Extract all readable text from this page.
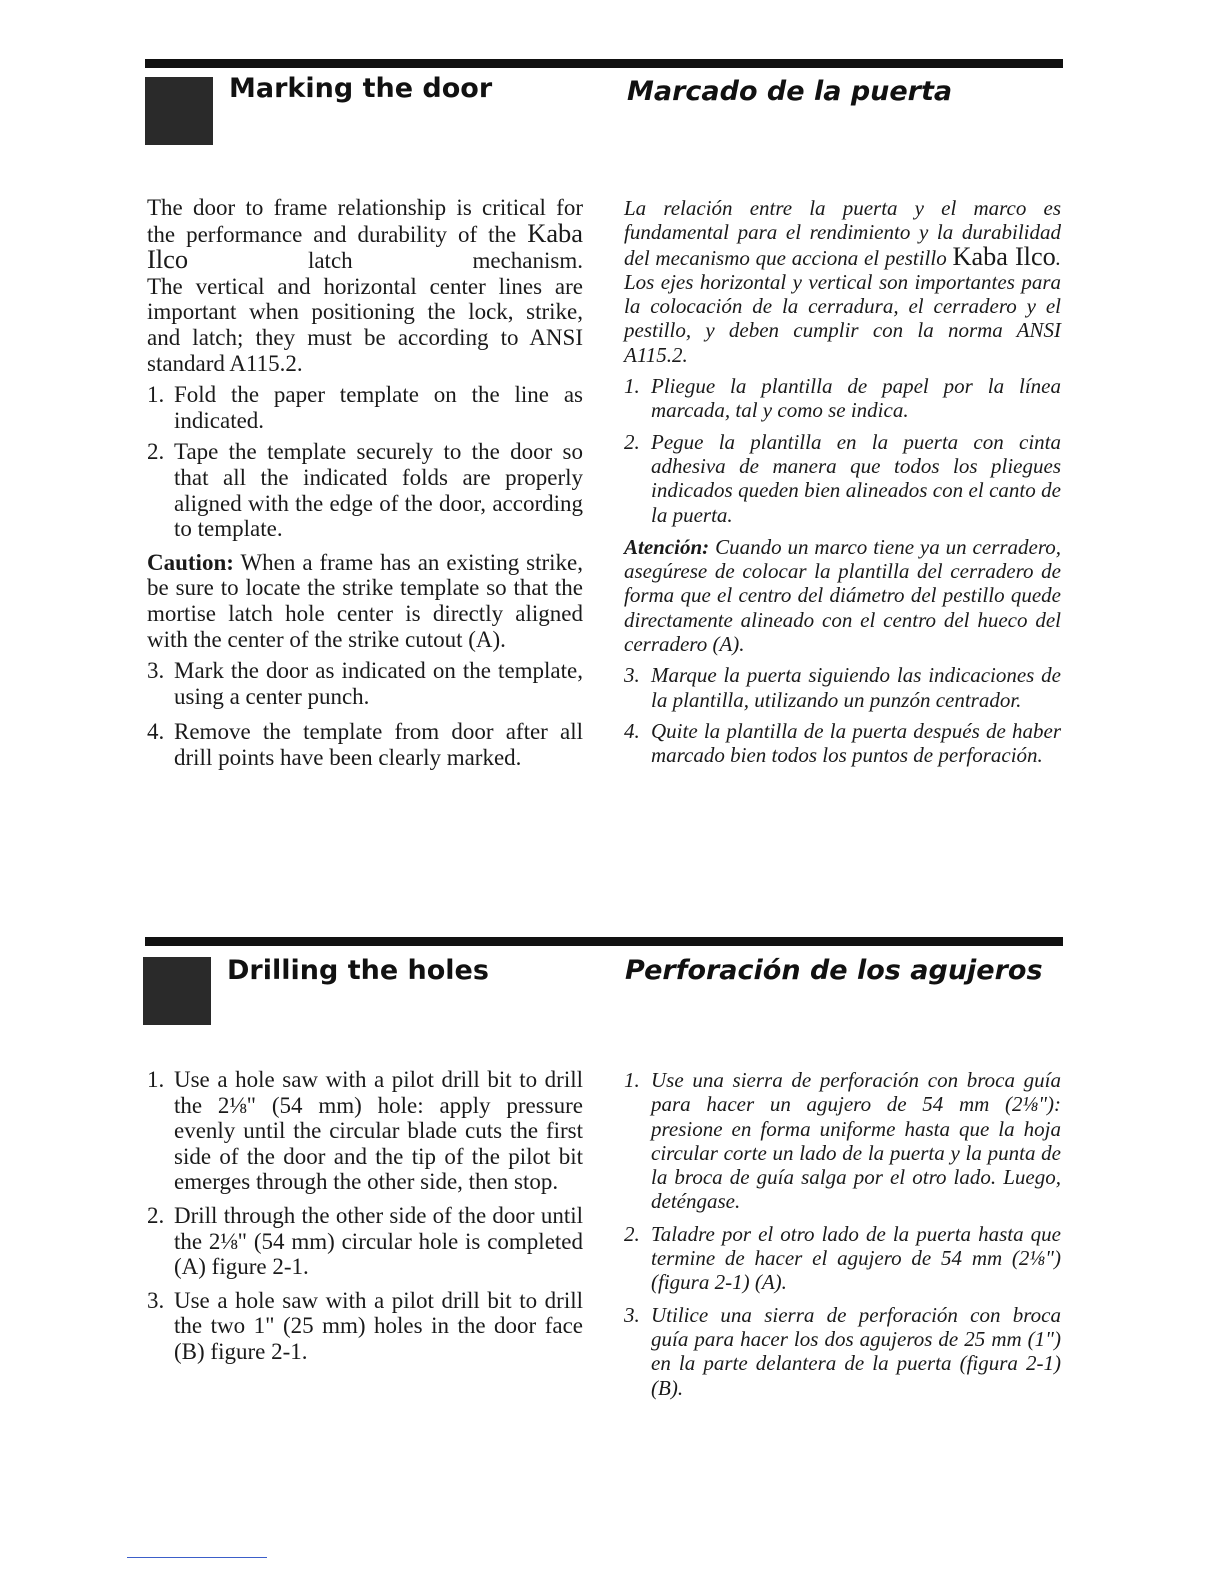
Marking the door	Marcado de la puerta

The door to frame relationship is critical for the performance and durability of the Kaba Ilco	latch mechanism.

The vertical and horizontal center lines are important when positioning the lock, strike, and latch; they must be according to ANSI standard A115.2.

1. Fold the paper template on the line as indicated.
2. Tape the template securely to the door so that all the indicated folds are properly aligned with the edge of the door, according to template.

Caution: When a frame has an existing strike, be sure to locate the strike template so that the mortise latch hole center is directly aligned with the center of the strike cutout (A).

3. Mark the door as indicated on the template, using a center punch.
4. Remove the template from door after all drill points have been clearly marked.

La relación entre la puerta y el marco es fundamental para el rendimiento y la durabilidad del mecanismo que acciona el pestillo Kaba Ilco. Los ejes horizontal y vertical son importantes para la colocación de la cerradura, el cerradero y el pestillo, y deben cumplir con la norma ANSI A115.2.

1. Pliegue la plantilla de papel por la línea marcada, tal y como se indica.
2. Pegue la plantilla en la puerta con cinta adhesiva de manera que todos los pliegues indicados queden bien alineados con el canto de la puerta.

Atención: Cuando un marco tiene ya un cerradero, asegúrese de colocar la plantilla del cerradero de forma que el centro del diámetro del pestillo quede directamente alineado con el centro del hueco del cerradero (A).

3. Marque la puerta siguiendo las indicaciones de la plantilla, utilizando un punzón centrador.
4. Quite la plantilla de la puerta después de haber marcado bien todos los puntos de perforación.
Drilling the holes	Perforación de los agujeros
1. Use a hole saw with a pilot drill bit to drill the 2⅛" (54 mm) hole: apply pressure evenly until the circular blade cuts the first side of the door and the tip of the pilot bit emerges through the other side, then stop.
2. Drill through the other side of the door until the 2⅛" (54 mm) circular hole is completed (A) figure 2-1.
3. Use a hole saw with a pilot drill bit to drill the two 1" (25 mm) holes in the door face (B) figure 2-1.
1. Use una sierra de perforación con broca guía para hacer un agujero de 54 mm (2⅛"): presione en forma uniforme hasta que la hoja circular corte un lado de la puerta y la punta de la broca de guía salga por el otro lado. Luego, deténgase.
2. Taladre por el otro lado de la puerta hasta que termine de hacer el agujero de 54 mm (2⅛") (figura 2-1) (A).
3. Utilice una sierra de perforación con broca guía para hacer los dos agujeros de 25 mm (1") en la parte delantera de la puerta (figura 2-1) (B).
